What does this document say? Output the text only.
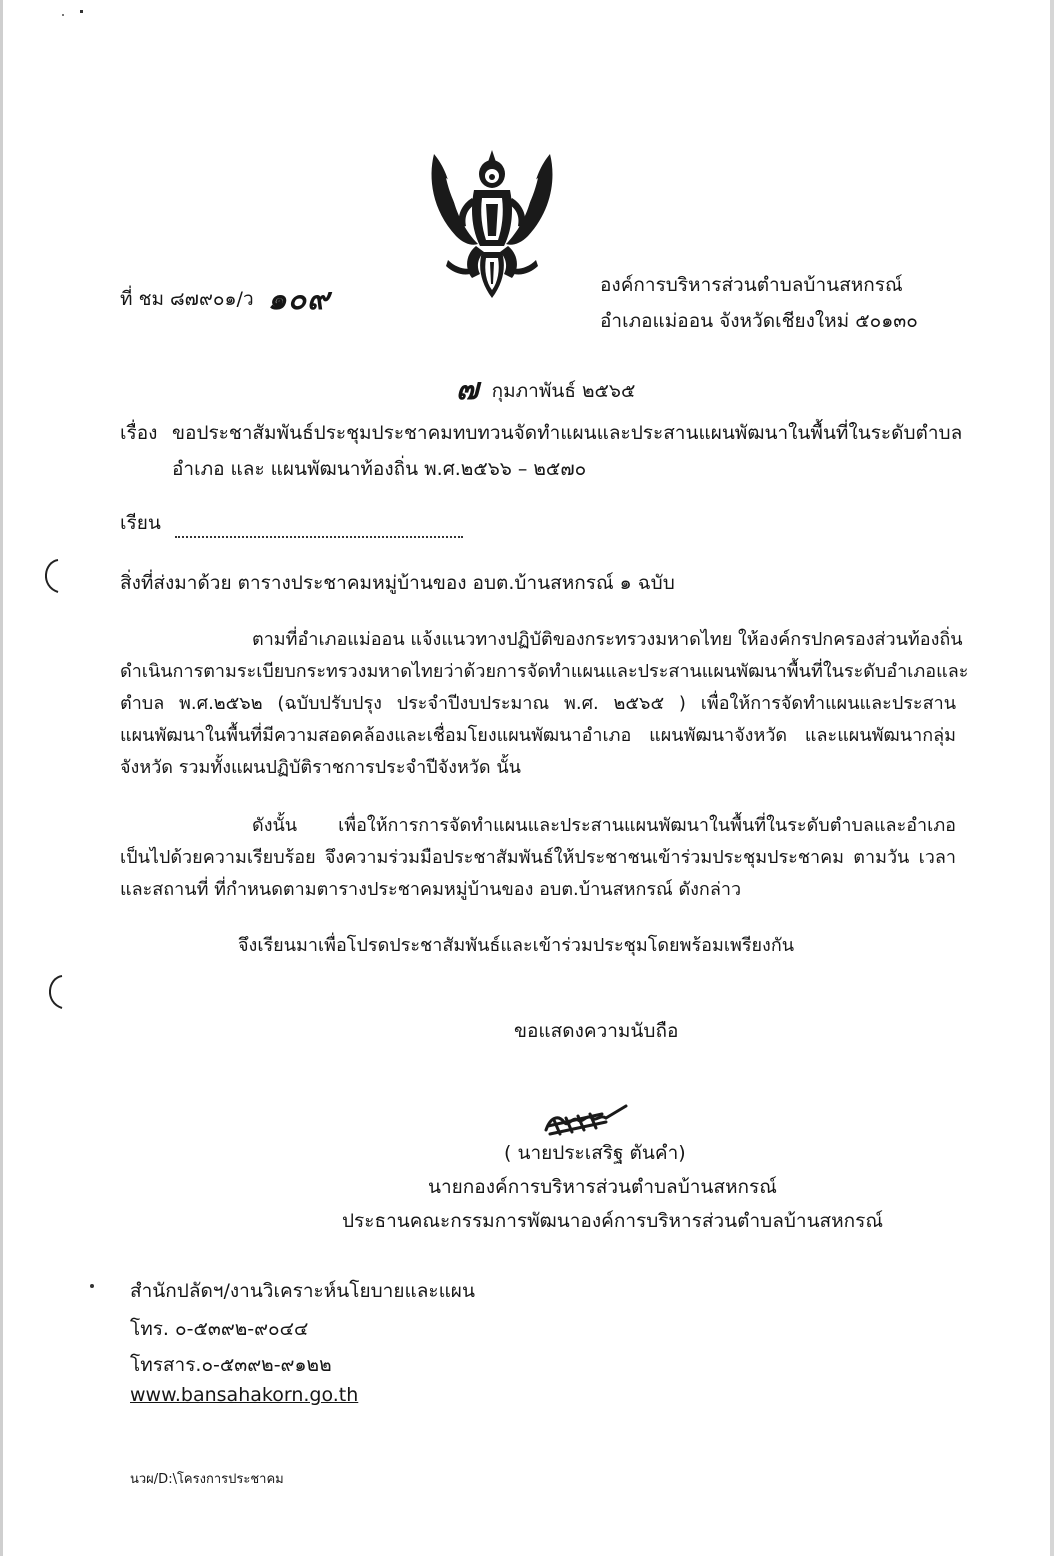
ที่ ชม ๘๗๙๐๑/ว ๑๐๙	องค์การบริหารส่วนตำบลบ้านสหกรณ์
อำเภอแม่ออน จังหวัดเชียงใหม่ ๕๐๑๓๐
๗ กุมภาพันธ์ ๒๕๖๕
เรื่อง ขอประชาสัมพันธ์ประชุมประชาคมทบทวนจัดทำแผนและประสานแผนพัฒนาในพื้นที่ในระดับตำบล
อำเภอ และ แผนพัฒนาท้องถิ่น พ.ศ.๒๕๖๖ – ๒๕๗๐
เรียน
สิ่งที่ส่งมาด้วย ตารางประชาคมหมู่บ้านของ อบต.บ้านสหกรณ์ ๑ ฉบับ
ตามที่อำเภอแม่ออน แจ้งแนวทางปฏิบัติของกระทรวงมหาดไทย ให้องค์กรปกครองส่วนท้องถิ่น
ดำเนินการตามระเบียบกระทรวงมหาดไทยว่าด้วยการจัดทำแผนและประสานแผนพัฒนาพื้นที่ในระดับอำเภอและ
ตำบล พ.ศ.๒๕๖๒ (ฉบับปรับปรุง ประจำปีงบประมาณ พ.ศ. ๒๕๖๕ ) เพื่อให้การจัดทำแผนและประสาน
แผนพัฒนาในพื้นที่มีความสอดคล้องและเชื่อมโยงแผนพัฒนาอำเภอ แผนพัฒนาจังหวัด และแผนพัฒนากลุ่ม
จังหวัด รวมทั้งแผนปฏิบัติราชการประจำปีจังหวัด นั้น
ดังนั้น เพื่อให้การการจัดทำแผนและประสานแผนพัฒนาในพื้นที่ในระดับตำบลและอำเภอ
เป็นไปด้วยความเรียบร้อย จึงความร่วมมือประชาสัมพันธ์ให้ประชาชนเข้าร่วมประชุมประชาคม ตามวัน เวลา
และสถานที่ ที่กำหนดตามตารางประชาคมหมู่บ้านของ อบต.บ้านสหกรณ์ ดังกล่าว
จึงเรียนมาเพื่อโปรดประชาสัมพันธ์และเข้าร่วมประชุมโดยพร้อมเพรียงกัน
ขอแสดงความนับถือ
( นายประเสริฐ ตันคำ)
นายกองค์การบริหารส่วนตำบลบ้านสหกรณ์
ประธานคณะกรรมการพัฒนาองค์การบริหารส่วนตำบลบ้านสหกรณ์
สำนักปลัดฯ/งานวิเคราะห์นโยบายและแผน
โทร. ๐-๕๓๙๒-๙๐๔๔
โทรสาร.๐-๕๓๙๒-๙๑๒๒
www.bansahakorn.go.th
นวผ/D:\โครงการประชาคม
